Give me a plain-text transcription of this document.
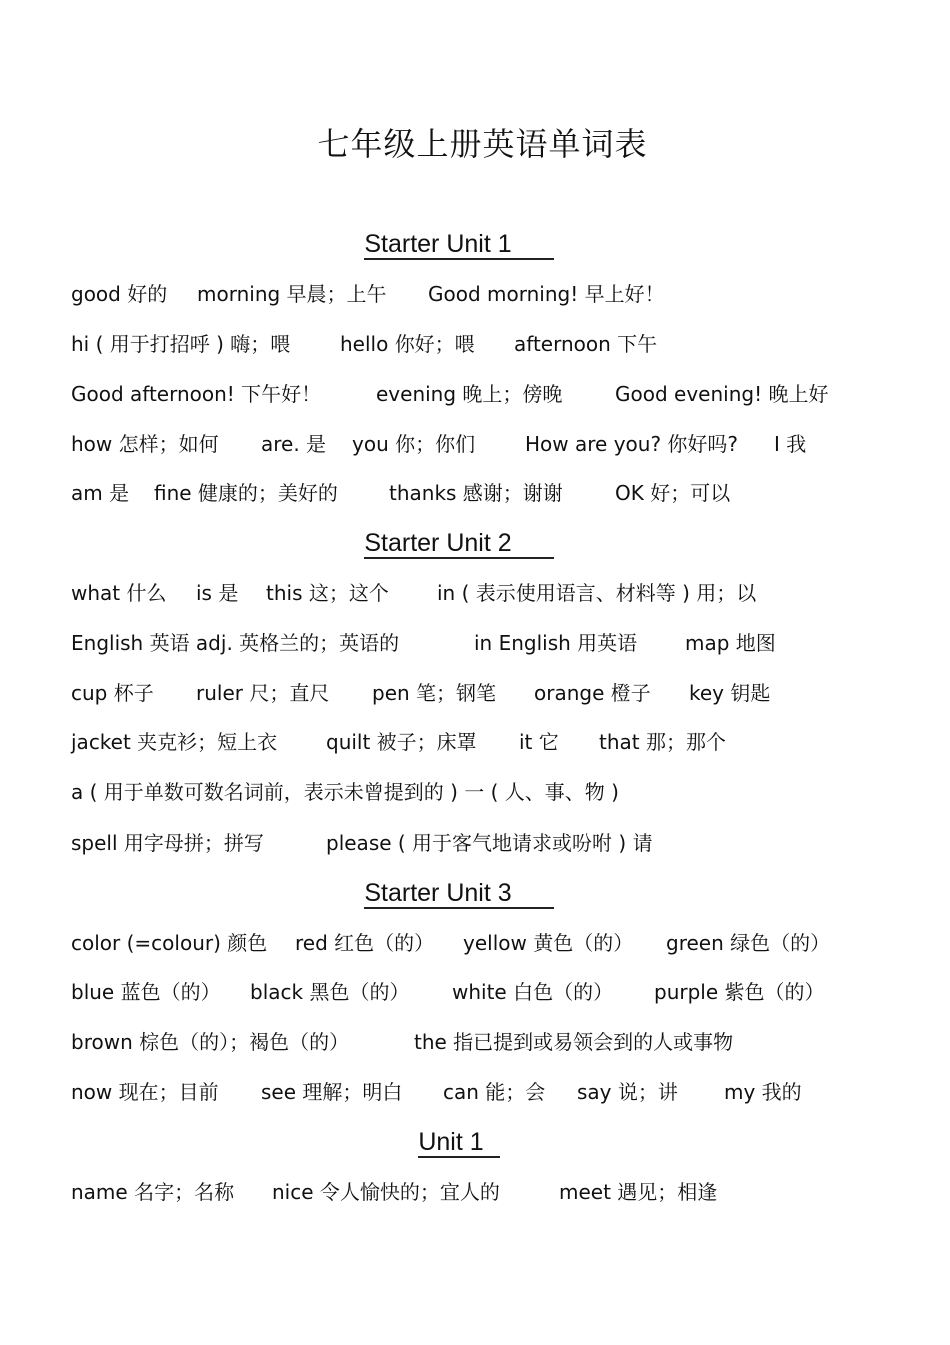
七年级上册英语单词表
Starter Unit 1
good 好的 morning 早晨；上午 Good morning! 早上好！
hi ( 用于打招呼 ) 嗨；喂 hello 你好；喂 afternoon 下午
Good afternoon! 下午好！	evening 晚上；傍晚	Good evening! 晚上好
how 怎样；如何 are. 是 you 你；你们 How are you? 你好吗? I 我
am 是 fine 健康的；美好的	thanks 感谢；谢谢	OK 好；可以
Starter Unit 2
what 什么 is 是 this 这；这个 in ( 表示使用语言、材料等 ) 用；以
English 英语 adj. 英格兰的；英语的	in English 用英语 map 地图
cup 杯子 ruler 尺；直尺 pen 笔；钢笔 orange 橙子 key 钥匙
jacket 夹克衫；短上衣 quilt 被子；床罩 it 它 that 那；那个
a ( 用于单数可数名词前，表示未曾提到的 ) 一 ( 人、事、物 )
spell 用字母拼；拼写	please ( 用于客气地请求或吩咐 ) 请
Starter Unit 3
color (=colour) 颜色 red 红色（的） yellow 黄色（的） green 绿色（的）
blue 蓝色（的） black 黑色（的） white 白色（的） purple 紫色（的）
brown 棕色（的）；褐色（的）	the 指已提到或易领会到的人或事物
now 现在；目前 see 理解；明白 can 能；会 say 说；讲 my 我的
Unit 1
name 名字；名称 nice 令人愉快的；宜人的	meet 遇见；相逢
